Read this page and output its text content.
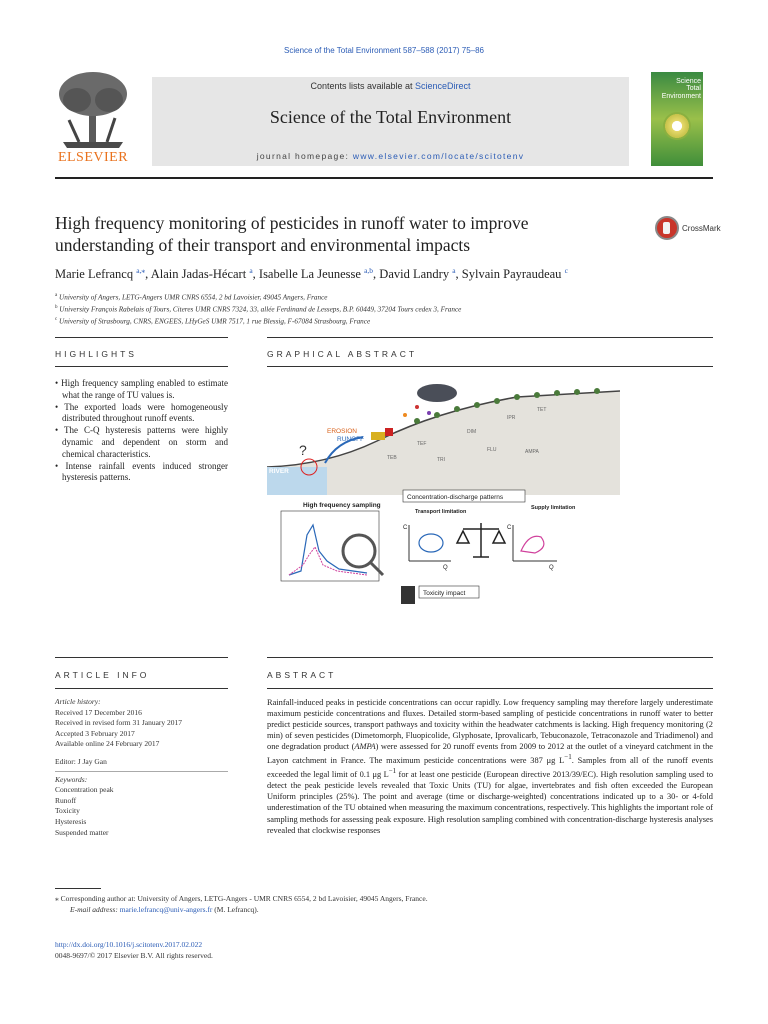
Science of the Total Environment 587–588 (2017) 75–86
ELSEVIER
Contents lists available at ScienceDirect
Science of the Total Environment
journal homepage: www.elsevier.com/locate/scitotenv
Science
Total Environment
High frequency monitoring of pesticides in runoff water to improve understanding of their transport and environmental impacts
CrossMark
Marie Lefrancq $^{a,⁎}$, Alain Jadas-Hécart $^a$, Isabelle La Jeunesse $^{a,b}$, David Landry $^a$, Sylvain Payraudeau $^c$
$^a$ University of Angers, LETG-Angers UMR CNRS 6554, 2 bd Lavoisier, 49045 Angers, France
$^b$ University François Rabelais of Tours, Citeres UMR CNRS 7324, 33, allée Ferdinand de Lesseps, B.P. 60449, 37204 Tours cedex 3, France
$^c$ University of Strasbourg, CNRS, ENGEES, LHyGeS UMR 7517, 1 rue Blessig, F-67084 Strasbourg, France
HIGHLIGHTS
• High frequency sampling enabled to estimate what the range of TU values is.
• The exported loads were homogeneously distributed throughout runoff events.
• The C-Q hysteresis patterns were highly dynamic and dependent on storm and chemical characteristics.
• Intense rainfall events induced stronger hysteresis patterns.
GRAPHICAL ABSTRACT
EROSION
RUNOFF
?
RIVER
TEF
DIM
IPR
FLU
TRI
TET
AMPA
TEB
High frequency sampling
Concentration-discharge patterns
Transport limitation
Supply limitation
C
Q
C
Q
Toxicity impact
ARTICLE INFO
Article history:
Received 17 December 2016
Received in revised form 31 January 2017
Accepted 3 February 2017
Available online 24 February 2017
Editor: J Jay Gan
Keywords:
Concentration peak
Runoff
Toxicity
Hysteresis
Suspended matter
ABSTRACT
Rainfall-induced peaks in pesticide concentrations can occur rapidly. Low frequency sampling may therefore largely underestimate maximum pesticide concentrations and fluxes. Detailed storm-based sampling of pesticide concentrations in runoff water to better predict pesticide sources, transport pathways and toxicity within the headwater catchments is lacking. High frequency monitoring (2 min) of seven pesticides (Dimetomorph, Fluopicolide, Glyphosate, Iprovalicarb, Tebuconazole, Tetraconazole and Triadimenol) and one degradation product (AMPA) were assessed for 20 runoff events from 2009 to 2012 at the outlet of a vineyard catchment in the Layon catchment in France. The maximum pesticide concentrations were 387 μg $L^{-1}$. Samples from all of the runoff events exceeded the legal limit of 0.1 μg $L^{-1}$ for at least one pesticide (European directive 2013/39/EC). High resolution sampling used to detect the peak pesticide levels revealed that Toxic Units (TU) for algae, invertebrates and fish often exceeded the European Uniform principles (25%). The point and average (time or discharge-weighted) concentrations indicated up to a 30- or 4-fold underestimation of the TU obtained when measuring the maximum concentrations, respectively. This highlights the important role of sampling methods for assessing peak exposure. High resolution sampling combined with concentration-discharge hysteresis analyses revealed that clockwise responses
⁎ Corresponding author at: University of Angers, LETG-Angers - UMR CNRS 6554, 2 bd Lavoisier, 49045 Angers, France.
E-mail address: marie.lefrancq@univ-angers.fr (M. Lefrancq).
http://dx.doi.org/10.1016/j.scitotenv.2017.02.022
0048-9697/© 2017 Elsevier B.V. All rights reserved.
